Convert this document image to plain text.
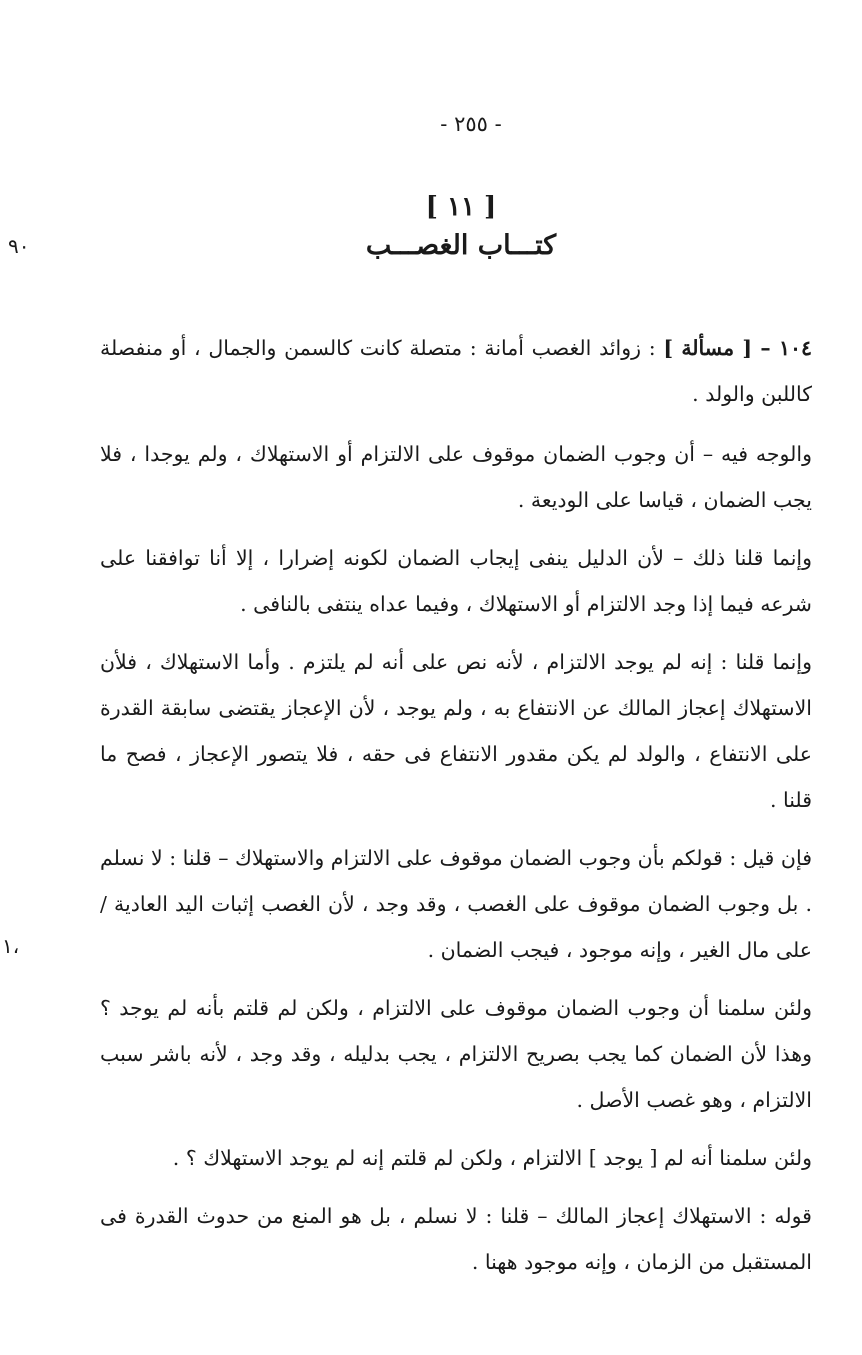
- ٢٥٥ -
[ ١١ ]
كتـــاب الغصـــب
٩٠
١،

١٠٤ – [ مسألة ] : زوائد الغصب أمانة : متصلة كانت كالسمن والجمال ، أو منفصلة كاللبن والولد .

والوجه فيه – أن وجوب الضمان موقوف على الالتزام أو الاستهلاك ، ولم يوجدا ، فلا يجب الضمان ، قياسا على الوديعة .

وإنما قلنا ذلك – لأن الدليل ينفى إيجاب الضمان لكونه إضرارا ، إلا أنا توافقنا على شرعه فيما إذا وجد الالتزام أو الاستهلاك ، وفيما عداه ينتفى بالنافى .

وإنما قلنا : إنه لم يوجد الالتزام ، لأنه نص على أنه لم يلتزم . وأما الاستهلاك ، فلأن الاستهلاك إعجاز المالك عن الانتفاع به ، ولم يوجد ، لأن الإعجاز يقتضى سابقة القدرة على الانتفاع ، والولد لم يكن مقدور الانتفاع فى حقه ، فلا يتصور الإعجاز ، فصح ما قلنا .

فإن قيل : قولكم بأن وجوب الضمان موقوف على الالتزام والاستهلاك – قلنا : لا نسلم . بل وجوب الضمان موقوف على الغصب ، وقد وجد ، لأن الغصب إثبات اليد العادية / على مال الغير ، وإنه موجود ، فيجب الضمان .

ولئن سلمنا أن وجوب الضمان موقوف على الالتزام ، ولكن لم قلتم بأنه لم يوجد ؟ وهذا لأن الضمان كما يجب بصريح الالتزام ، يجب بدليله ، وقد وجد ، لأنه باشر سبب الالتزام ، وهو غصب الأصل .

ولئن سلمنا أنه لم [ يوجد ] الالتزام ، ولكن لم قلتم إنه لم يوجد الاستهلاك ؟ .

قوله : الاستهلاك إعجاز المالك – قلنا : لا نسلم ، بل هو المنع من حدوث القدرة فى المستقبل من الزمان ، وإنه موجود ههنا .
